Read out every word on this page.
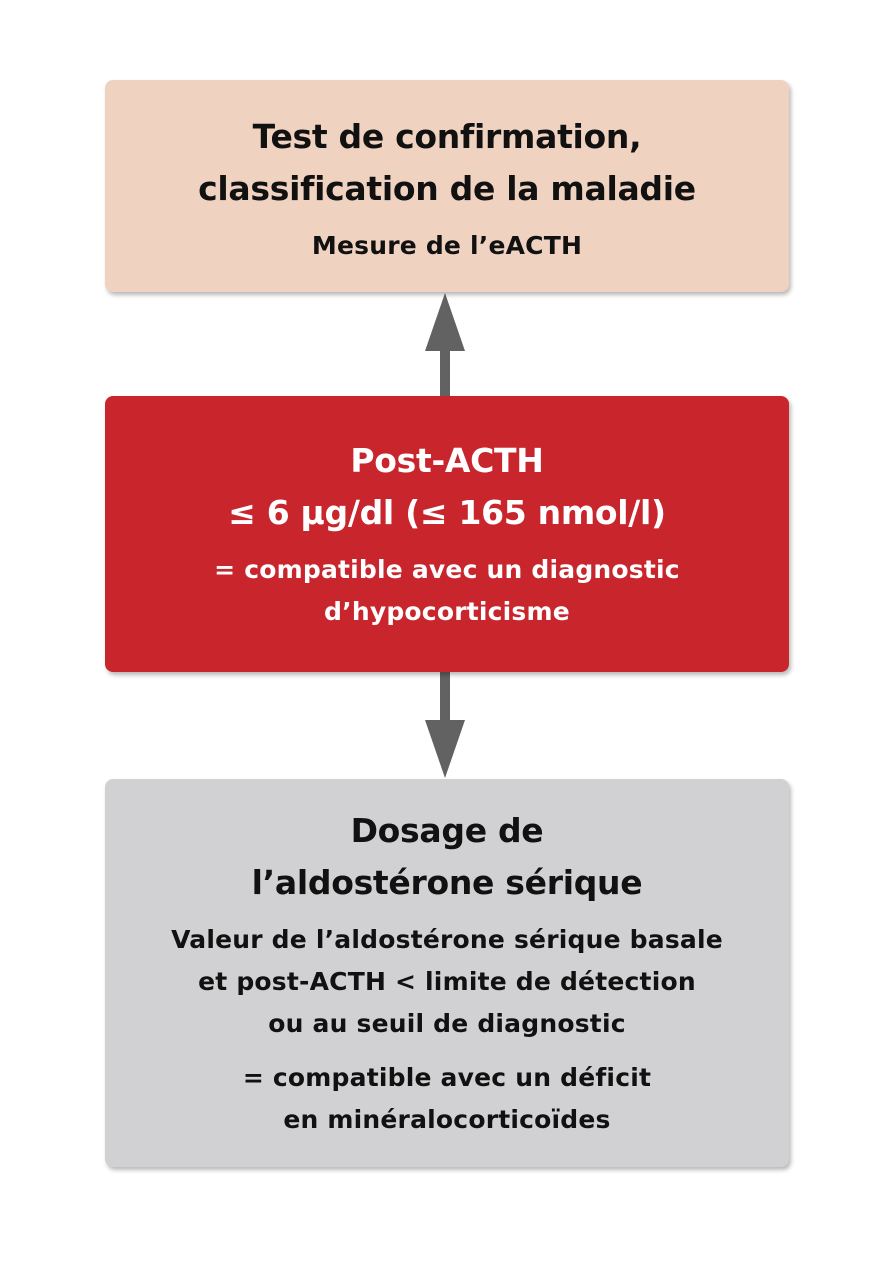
Test de confirmation,
classification de la maladie
Mesure de l’eACTH
Post-ACTH
≤ 6 µg/dl (≤ 165 nmol/l)
= compatible avec un diagnostic
d’hypocorticisme
Dosage de
l’aldostérone sérique
Valeur de l’aldostérone sérique basale
et post-ACTH < limite de détection
ou au seuil de diagnostic
= compatible avec un déficit
en minéralocorticoïdes
